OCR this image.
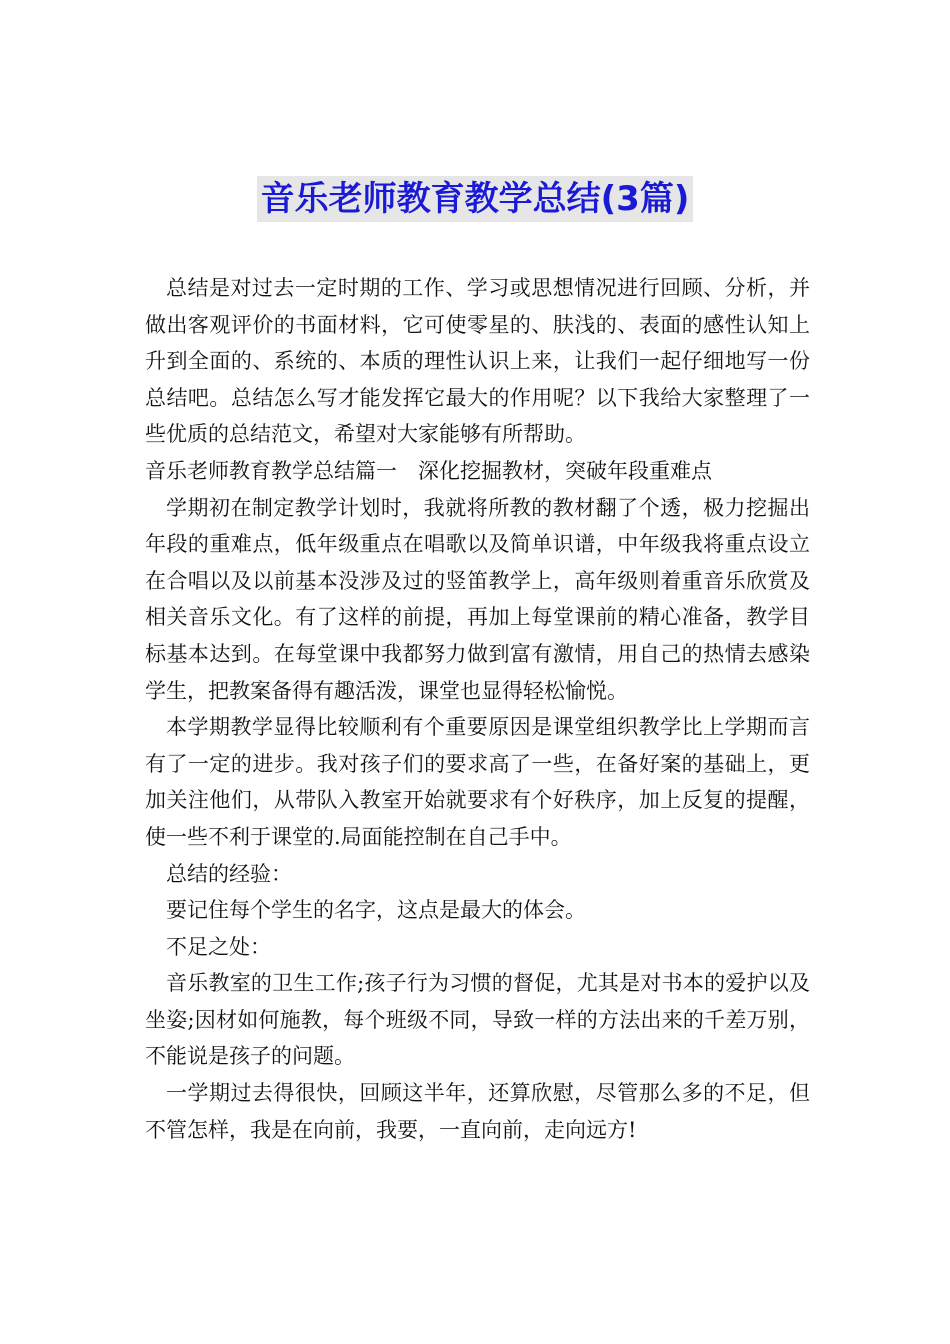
音乐老师教育教学总结(3篇)

总结是对过去一定时期的工作、学习或思想情况进行回顾、分析，并做出客观评价的书面材料，它可使零星的、肤浅的、表面的感性认知上升到全面的、系统的、本质的理性认识上来，让我们一起仔细地写一份总结吧。总结怎么写才能发挥它最大的作用呢？以下我给大家整理了一些优质的总结范文，希望对大家能够有所帮助。

音乐老师教育教学总结篇一　深化挖掘教材，突破年段重难点

学期初在制定教学计划时，我就将所教的教材翻了个透，极力挖掘出年段的重难点，低年级重点在唱歌以及简单识谱，中年级我将重点设立在合唱以及以前基本没涉及过的竖笛教学上，高年级则着重音乐欣赏及相关音乐文化。有了这样的前提，再加上每堂课前的精心准备，教学目标基本达到。在每堂课中我都努力做到富有激情，用自己的热情去感染学生，把教案备得有趣活泼，课堂也显得轻松愉悦。

本学期教学显得比较顺利有个重要原因是课堂组织教学比上学期而言有了一定的进步。我对孩子们的要求高了一些，在备好案的基础上，更加关注他们，从带队入教室开始就要求有个好秩序，加上反复的提醒，使一些不利于课堂的.局面能控制在自己手中。

总结的经验：

要记住每个学生的名字，这点是最大的体会。

不足之处：

音乐教室的卫生工作;孩子行为习惯的督促，尤其是对书本的爱护以及坐姿;因材如何施教，每个班级不同，导致一样的方法出来的千差万别，不能说是孩子的问题。

一学期过去得很快，回顾这半年，还算欣慰，尽管那么多的不足，但不管怎样，我是在向前，我要，一直向前，走向远方!
